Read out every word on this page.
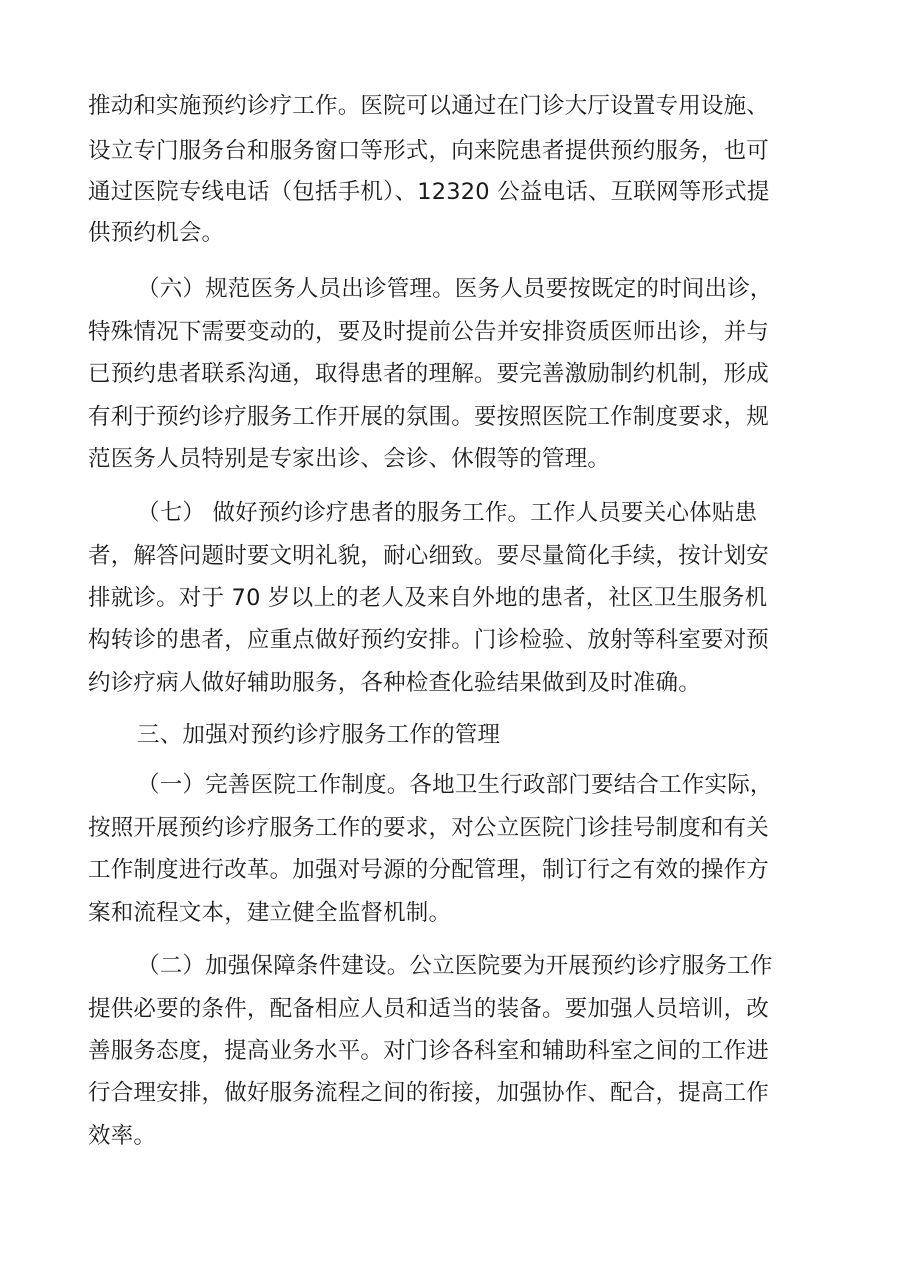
推动和实施预约诊疗工作。医院可以通过在门诊大厅设置专用设施、
设立专门服务台和服务窗口等形式，向来院患者提供预约服务，也可
通过医院专线电话（包括手机）、12320 公益电话、互联网等形式提
供预约机会。
（六）规范医务人员出诊管理。医务人员要按既定的时间出诊，
特殊情况下需要变动的，要及时提前公告并安排资质医师出诊，并与
已预约患者联系沟通，取得患者的理解。要完善激励制约机制，形成
有利于预约诊疗服务工作开展的氛围。要按照医院工作制度要求，规
范医务人员特别是专家出诊、会诊、休假等的管理。
（七） 做好预约诊疗患者的服务工作。工作人员要关心体贴患
者，解答问题时要文明礼貌，耐心细致。要尽量简化手续，按计划安
排就诊。对于 70 岁以上的老人及来自外地的患者，社区卫生服务机
构转诊的患者，应重点做好预约安排。门诊检验、放射等科室要对预
约诊疗病人做好辅助服务，各种检查化验结果做到及时准确。
三、加强对预约诊疗服务工作的管理
（一）完善医院工作制度。各地卫生行政部门要结合工作实际，
按照开展预约诊疗服务工作的要求，对公立医院门诊挂号制度和有关
工作制度进行改革。加强对号源的分配管理，制订行之有效的操作方
案和流程文本，建立健全监督机制。
（二）加强保障条件建设。公立医院要为开展预约诊疗服务工作
提供必要的条件，配备相应人员和适当的装备。要加强人员培训，改
善服务态度，提高业务水平。对门诊各科室和辅助科室之间的工作进
行合理安排，做好服务流程之间的衔接，加强协作、配合，提高工作
效率。
